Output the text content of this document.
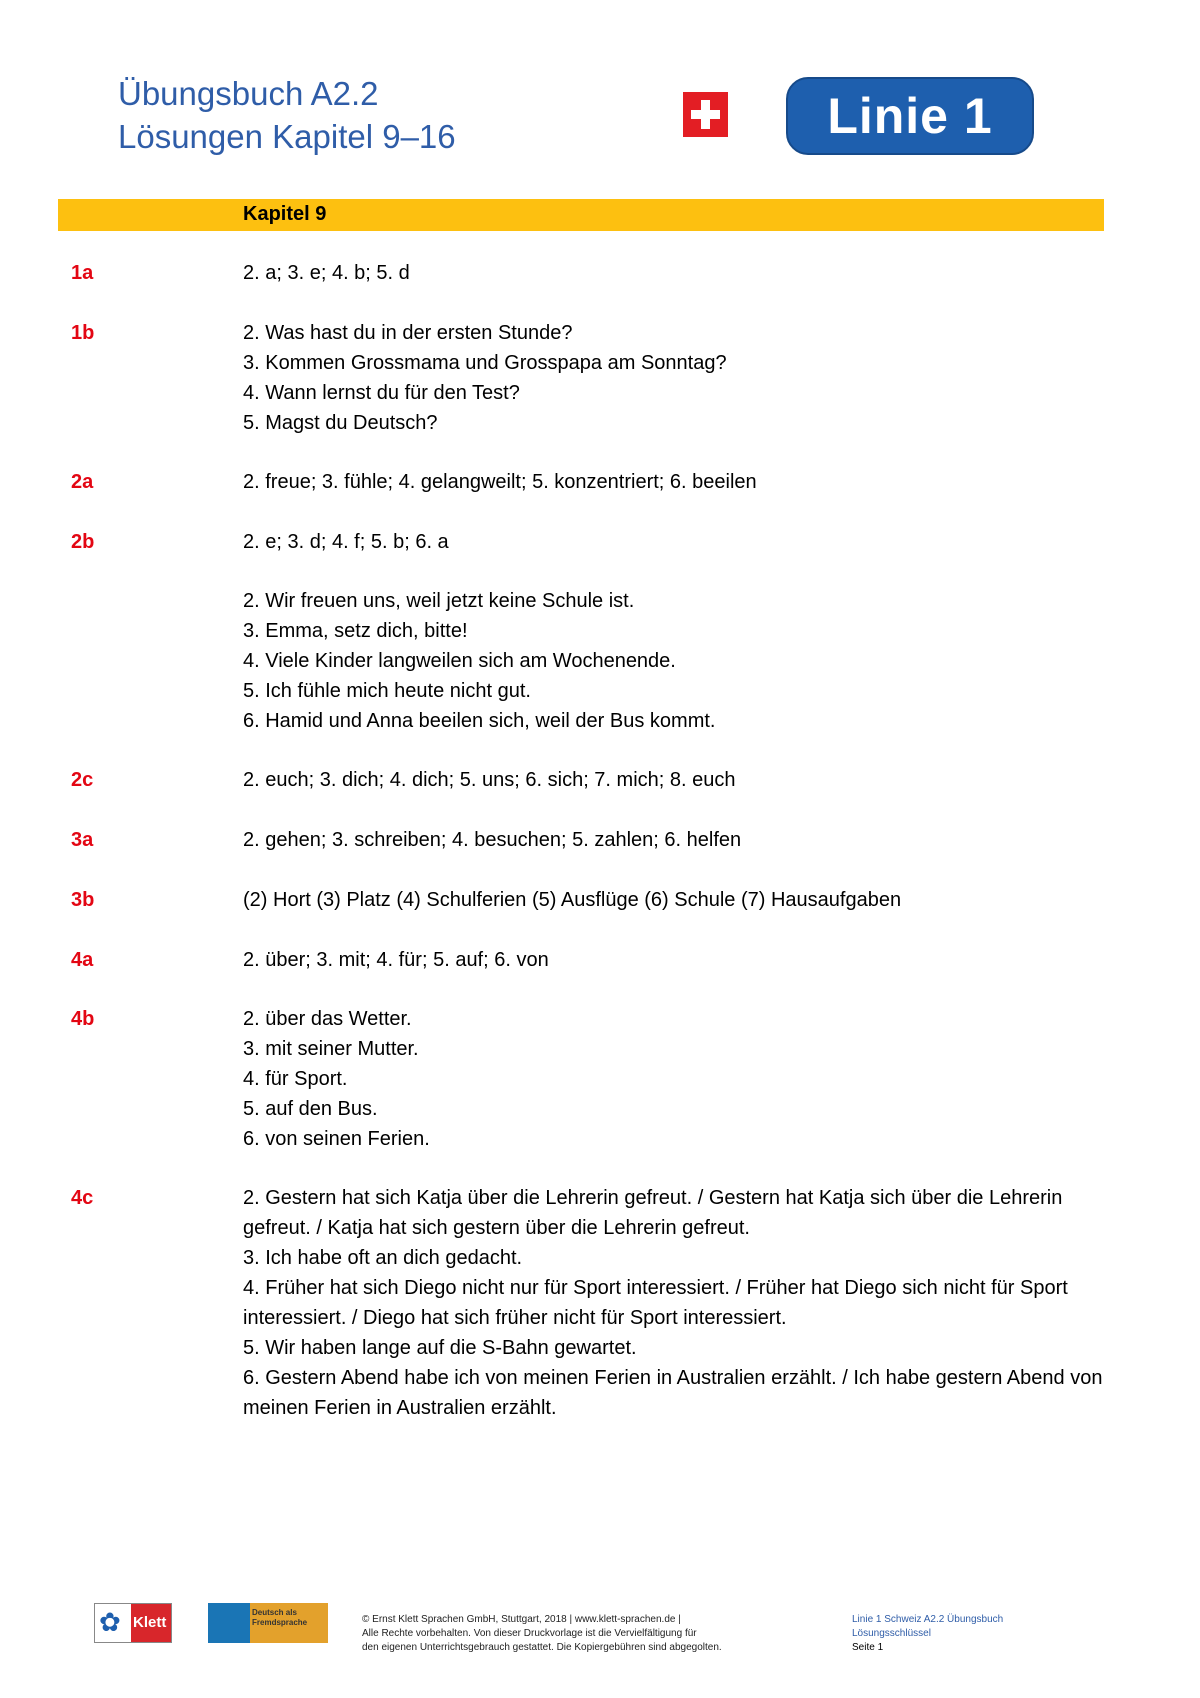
Übungsbuch A2.2
Lösungen Kapitel 9–16	Linie 1
Kapitel 9
1a	2. a; 3. e; 4. b; 5. d
1b	2. Was hast du in der ersten Stunde?
3. Kommen Grossmama und Grosspapa am Sonntag?
4. Wann lernst du für den Test?
5. Magst du Deutsch?
2a	2. freue; 3. fühle; 4. gelangweilt; 5. konzentriert; 6. beeilen
2b	2. e; 3. d; 4. f; 5. b; 6. a
2. Wir freuen uns, weil jetzt keine Schule ist.
3. Emma, setz dich, bitte!
4. Viele Kinder langweilen sich am Wochenende.
5. Ich fühle mich heute nicht gut.
6. Hamid und Anna beeilen sich, weil der Bus kommt.
2c	2. euch; 3. dich; 4. dich; 5. uns; 6. sich; 7. mich; 8. euch
3a	2. gehen; 3. schreiben; 4. besuchen; 5. zahlen; 6. helfen
3b	(2) Hort (3) Platz (4) Schulferien (5) Ausflüge (6) Schule (7) Hausaufgaben
4a	2. über; 3. mit; 4. für; 5. auf; 6. von
4b	2. über das Wetter.
3. mit seiner Mutter.
4. für Sport.
5. auf den Bus.
6. von seinen Ferien.
4c	2. Gestern hat sich Katja über die Lehrerin gefreut. / Gestern hat Katja sich über die Lehrerin gefreut. / Katja hat sich gestern über die Lehrerin gefreut.
3. Ich habe oft an dich gedacht.
4. Früher hat sich Diego nicht nur für Sport interessiert. / Früher hat Diego sich nicht für Sport interessiert. / Diego hat sich früher nicht für Sport interessiert.
5. Wir haben lange auf die S-Bahn gewartet.
6. Gestern Abend habe ich von meinen Ferien in Australien erzählt. / Ich habe gestern Abend von meinen Ferien in Australien erzählt.
✿ Klett
Deutsch als Fremdsprache	© Ernst Klett Sprachen GmbH, Stuttgart, 2018 | www.klett-sprachen.de |
Alle Rechte vorbehalten. Von dieser Druckvorlage ist die Vervielfältigung für
den eigenen Unterrichtsgebrauch gestattet. Die Kopiergebühren sind abgegolten.
Linie 1 Schweiz A2.2 Übungsbuch
Lösungsschlüssel
Seite 1
